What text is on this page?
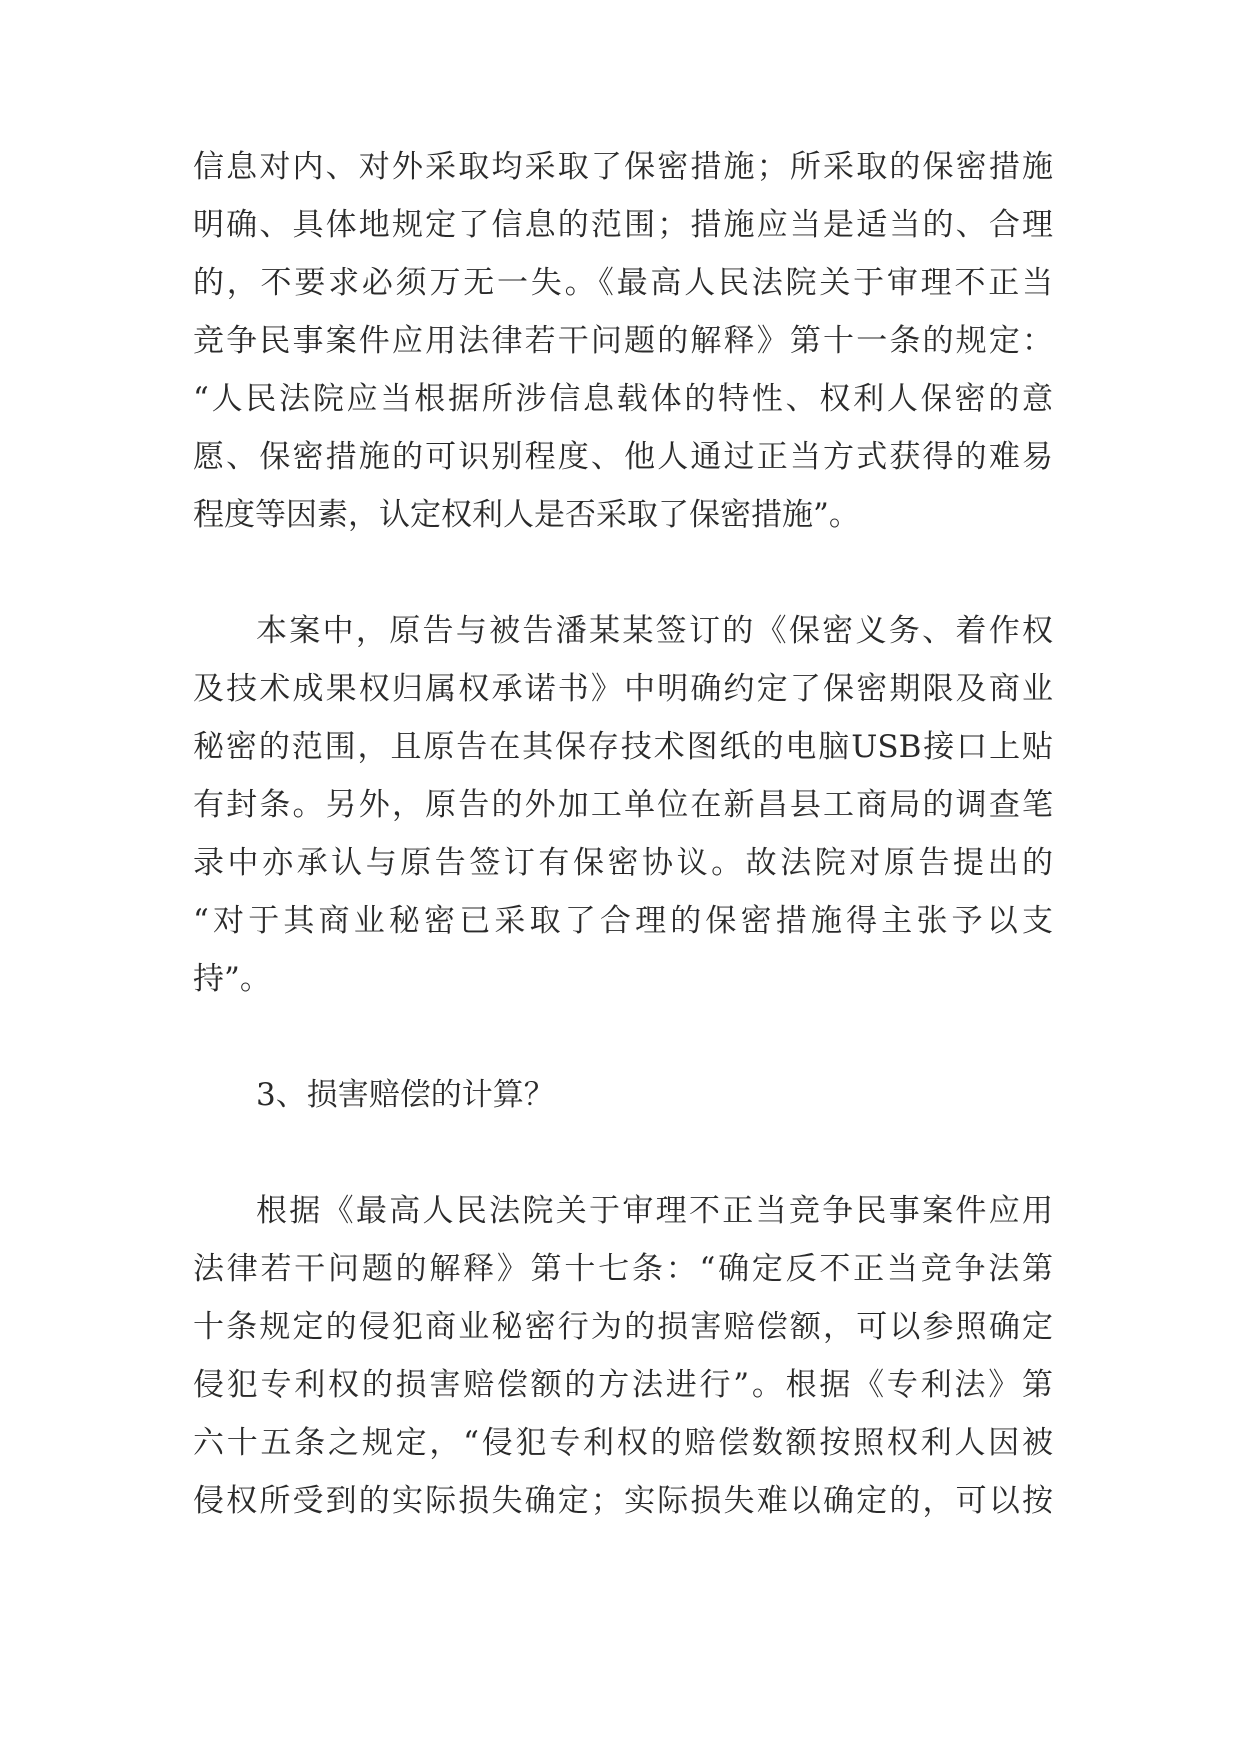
信息对内、对外采取均采取了保密措施；所采取的保密措施
明确、具体地规定了信息的范围；措施应当是适当的、合理
的，不要求必须万无一失。《最高人民法院关于审理不正当
竞争民事案件应用法律若干问题的解释》第十一条的规定：
“人民法院应当根据所涉信息载体的特性、权利人保密的意
愿、保密措施的可识别程度、他人通过正当方式获得的难易
程度等因素，认定权利人是否采取了保密措施”。
本案中，原告与被告潘某某签订的《保密义务、着作权
及技术成果权归属权承诺书》中明确约定了保密期限及商业
秘密的范围，且原告在其保存技术图纸的电脑USB接口上贴
有封条。另外，原告的外加工单位在新昌县工商局的调查笔
录中亦承认与原告签订有保密协议。故法院对原告提出的
“对于其商业秘密已采取了合理的保密措施得主张予以支
持”。
3、损害赔偿的计算？
根据《最高人民法院关于审理不正当竞争民事案件应用
法律若干问题的解释》第十七条：“确定反不正当竞争法第
十条规定的侵犯商业秘密行为的损害赔偿额，可以参照确定
侵犯专利权的损害赔偿额的方法进行”。根据《专利法》第
六十五条之规定，“侵犯专利权的赔偿数额按照权利人因被
侵权所受到的实际损失确定；实际损失难以确定的，可以按
